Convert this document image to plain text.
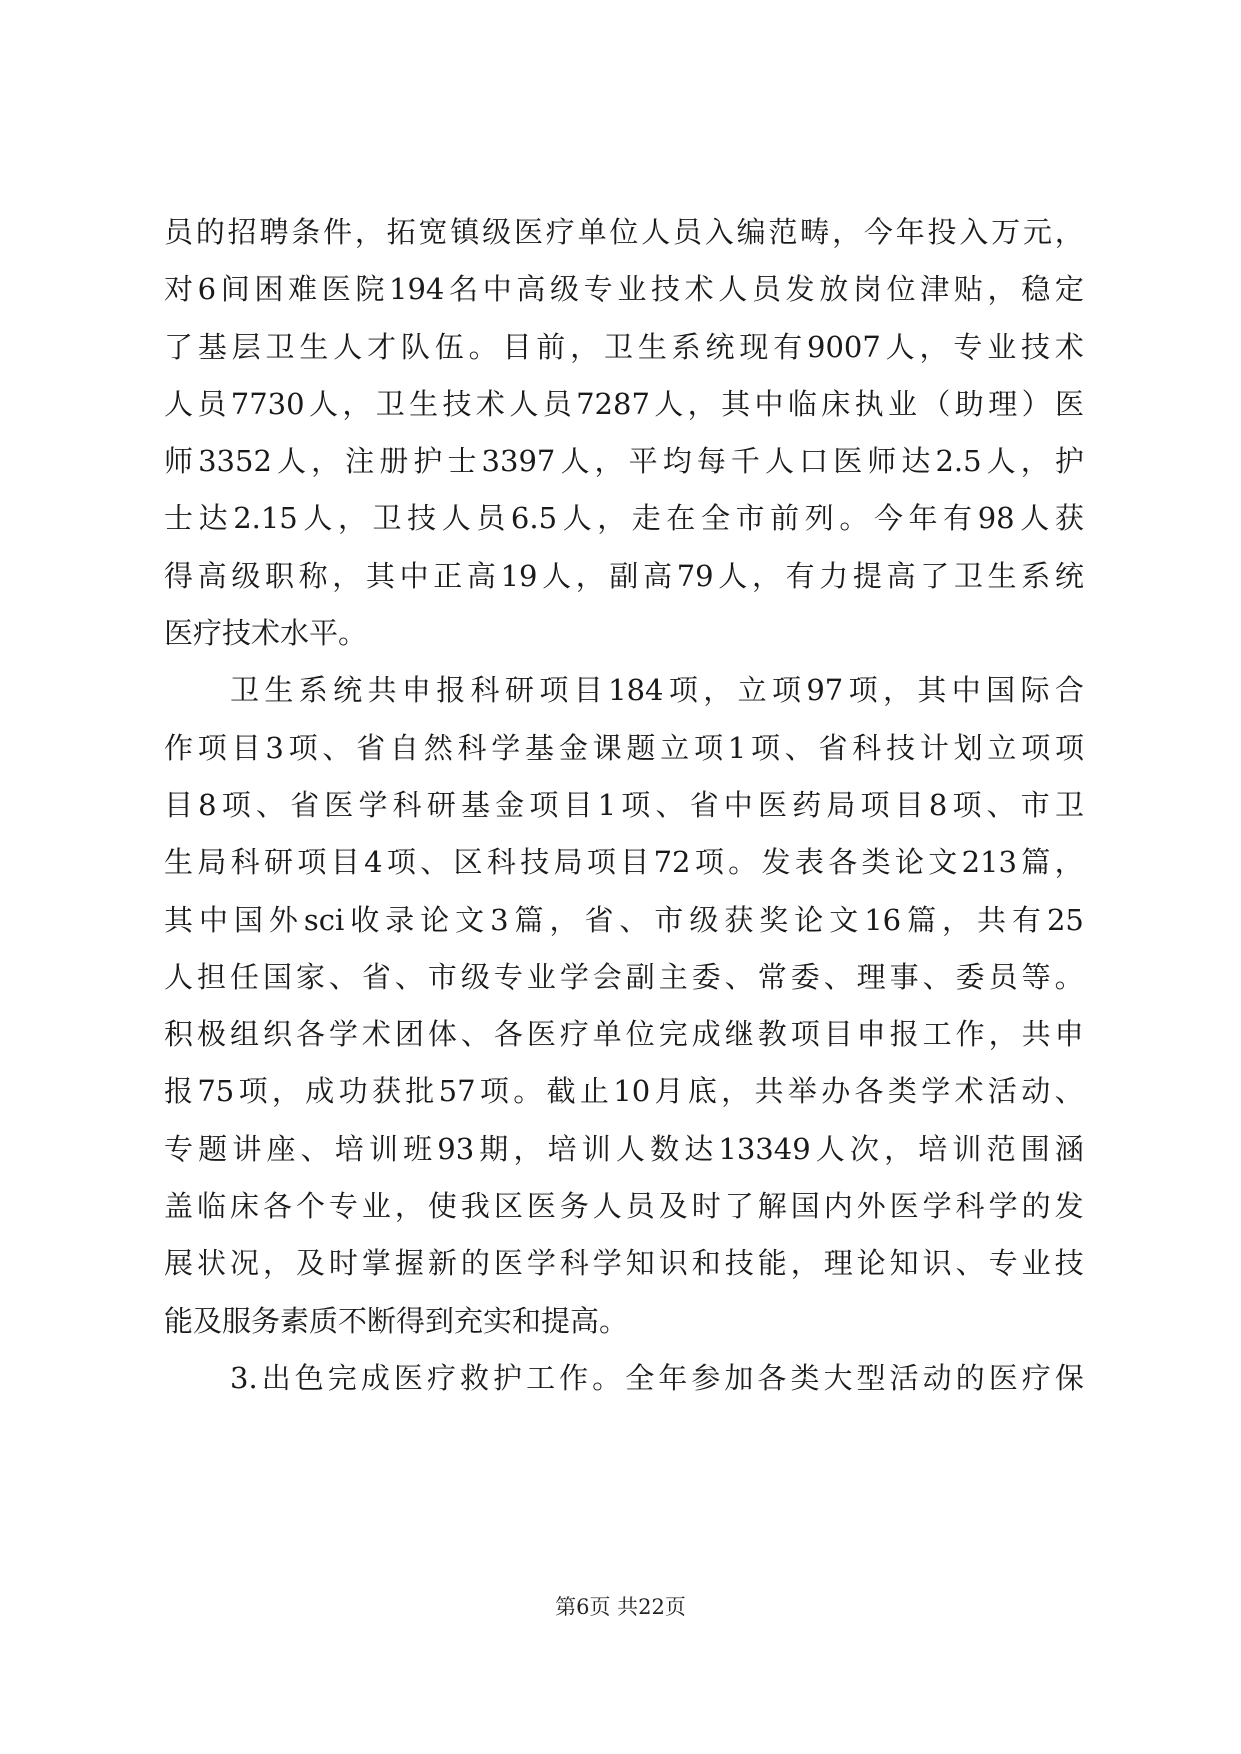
员 的 招 聘 条 件 ， 拓 宽 镇 级 医 疗 单 位 人 员 入 编 范 畴 ， 今 年 投 入 万 元 ，
对 6 间 困 难 医 院 194 名 中 高 级 专 业 技 术 人 员 发 放 岗 位 津 贴 ， 稳 定
了 基 层 卫 生 人 才 队 伍 。 目 前 ， 卫 生 系 统 现 有 9007 人 ， 专 业 技 术
人 员 7730 人 ， 卫 生 技 术 人 员 7287 人 ， 其 中 临 床 执 业 （ 助 理 ） 医
师 3352 人 ， 注 册 护 士 3397 人 ， 平 均 每 千 人 口 医 师 达 2.5 人 ， 护
士 达 2.15 人 ， 卫 技 人 员 6.5 人 ， 走 在 全 市 前 列 。 今 年 有 98 人 获
得 高 级 职 称 ， 其 中 正 高 19 人 ， 副 高 79 人 ， 有 力 提 高 了 卫 生 系 统
医疗技术水平。
卫 生 系 统 共 申 报 科 研 项 目 184 项 ， 立 项 97 项 ， 其 中 国 际 合
作 项 目 3 项 、 省 自 然 科 学 基 金 课 题 立 项 1 项 、 省 科 技 计 划 立 项 项
目 8 项 、 省 医 学 科 研 基 金 项 目 1 项 、 省 中 医 药 局 项 目 8 项 、 市 卫
生 局 科 研 项 目 4 项 、 区 科 技 局 项 目 72 项 。 发 表 各 类 论 文 213 篇 ，
其 中 国 外 sci 收 录 论 文 3 篇 ， 省 、 市 级 获 奖 论 文 16 篇 ， 共 有 25
人 担 任 国 家 、 省 、 市 级 专 业 学 会 副 主 委 、 常 委 、 理 事 、 委 员 等 。
积 极 组 织 各 学 术 团 体 、 各 医 疗 单 位 完 成 继 教 项 目 申 报 工 作 ， 共 申
报 75 项 ， 成 功 获 批 57 项 。 截 止 10 月 底 ， 共 举 办 各 类 学 术 活 动 、
专 题 讲 座 、 培 训 班 93 期 ， 培 训 人 数 达 13349 人 次 ， 培 训 范 围 涵
盖 临 床 各 个 专 业 ， 使 我 区 医 务 人 员 及 时 了 解 国 内 外 医 学 科 学 的 发
展 状 况 ， 及 时 掌 握 新 的 医 学 科 学 知 识 和 技 能 ， 理 论 知 识 、 专 业 技
能及服务素质不断得到充实和提高。
3. 出 色 完 成 医 疗 救 护 工 作 。 全 年 参 加 各 类 大 型 活 动 的 医 疗 保
第6页 共22页
